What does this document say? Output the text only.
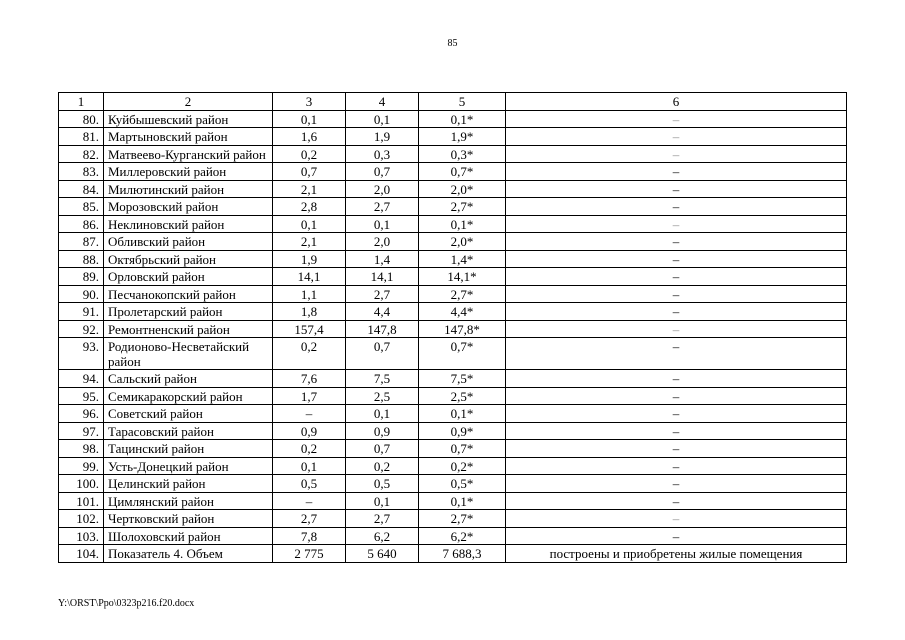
85
1	2	3	4	5	6
80.	Куйбышевский район	0,1	0,1	0,1*	–
81.	Мартыновский район	1,6	1,9	1,9*	–
82.	Матвеево-Курганский район	0,2	0,3	0,3*	–
83.	Миллеровский район	0,7	0,7	0,7*	–
84.	Милютинский район	2,1	2,0	2,0*	–
85.	Морозовский район	2,8	2,7	2,7*	–
86.	Неклиновский район	0,1	0,1	0,1*	–
87.	Обливский район	2,1	2,0	2,0*	–
88.	Октябрьский район	1,9	1,4	1,4*	–
89.	Орловский район	14,1	14,1	14,1*	–
90.	Песчанокопский район	1,1	2,7	2,7*	–
91.	Пролетарский район	1,8	4,4	4,4*	–
92.	Ремонтненский район	157,4	147,8	147,8*	–
93.	Родионово-Несветайский район	0,2	0,7	0,7*	–
94.	Сальский район	7,6	7,5	7,5*	–
95.	Семикаракорский район	1,7	2,5	2,5*	–
96.	Советский район	–	0,1	0,1*	–
97.	Тарасовский район	0,9	0,9	0,9*	–
98.	Тацинский район	0,2	0,7	0,7*	–
99.	Усть-Донецкий район	0,1	0,2	0,2*	–
100.	Целинский район	0,5	0,5	0,5*	–
101.	Цимлянский район	–	0,1	0,1*	–
102.	Чертковский район	2,7	2,7	2,7*	–
103.	Шолоховский район	7,8	6,2	6,2*	–
104.	Показатель 4. Объем	2 775	5 640	7 688,3	построены и приобретены жилые помещения
Y:\ORST\Ppo\0323p216.f20.docx
